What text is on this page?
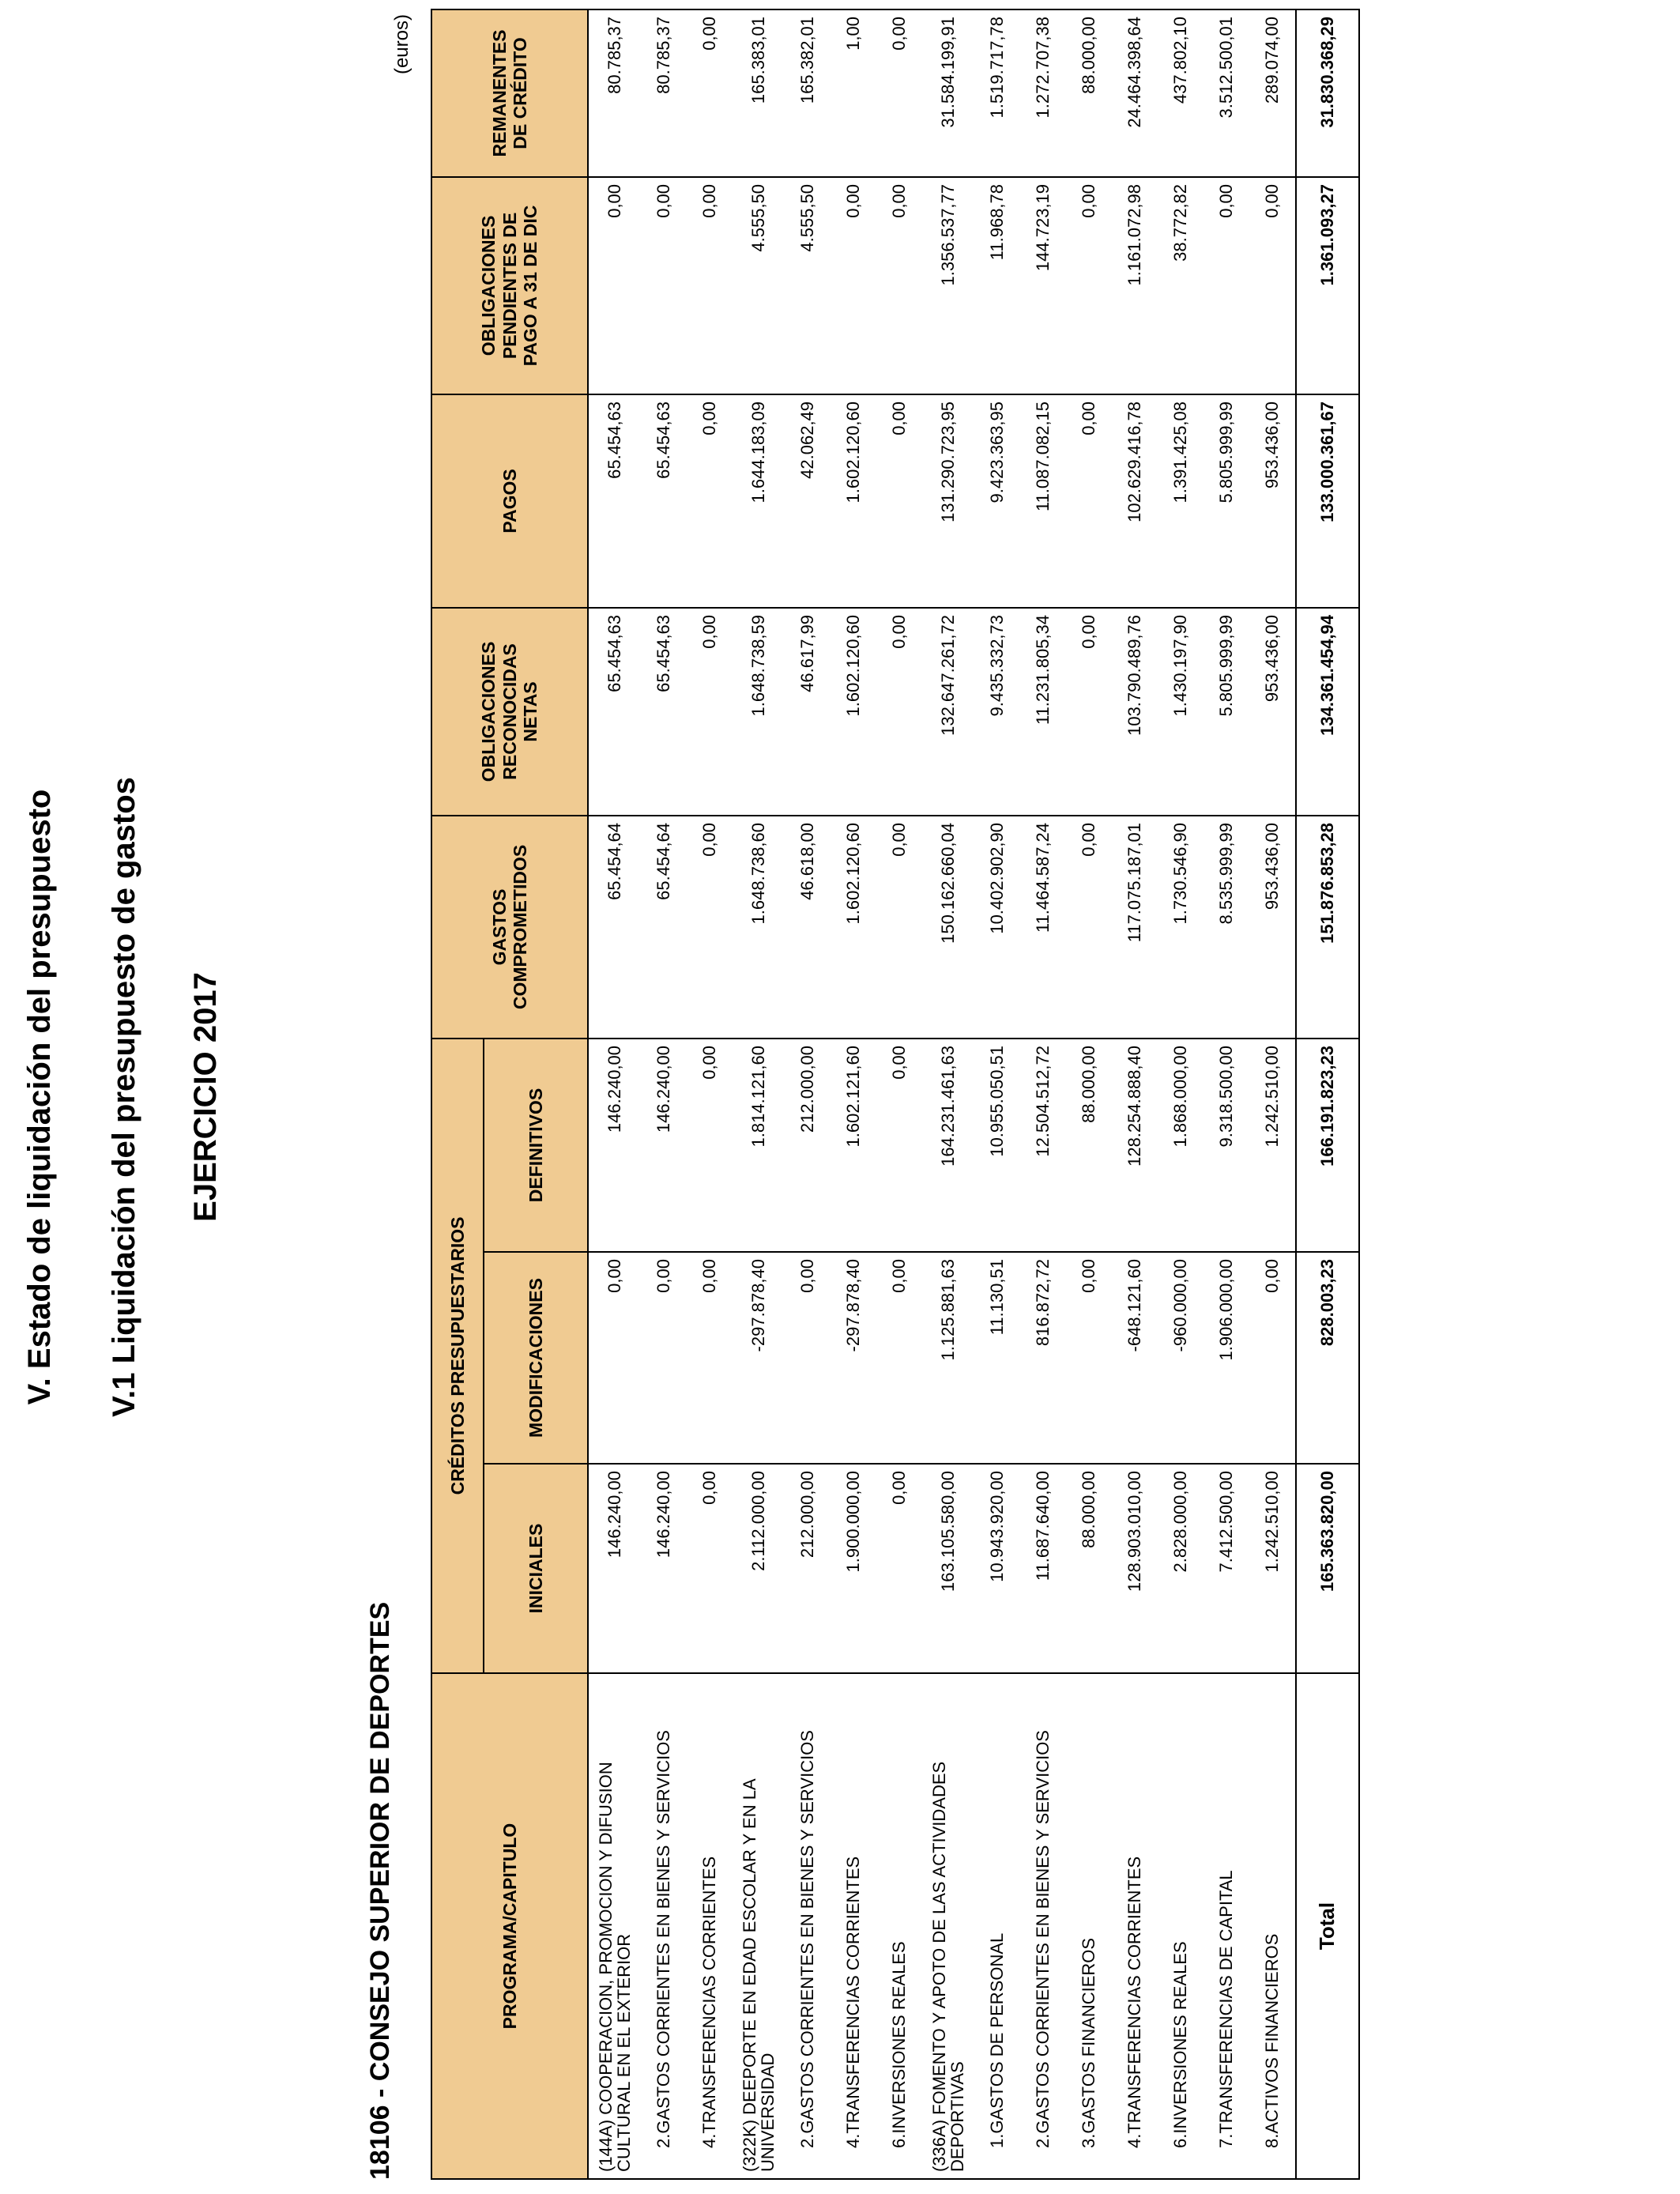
V. Estado de liquidación del presupuesto V.1 Liquidación del presupuesto de gastos EJERCICIO 2017
18106 - CONSEJO SUPERIOR DE DEPORTES
(euros)
PROGRAMA/CAPITULO	CRÉDITOS PRESUPUESTARIOS			GASTOS COMPROMETIDOS	OBLIGACIONES RECONOCIDAS NETAS	PAGOS	OBLIGACIONES PENDIENTES DE PAGO A 31 DE DIC	REMANENTES DE CRÉDITO
	INICIALES	MODIFICACIONES	DEFINITIVOS					
(144A) COOPERACION, PROMOCION Y DIFUSION CULTURAL EN EL EXTERIOR	146.240,00	0,00	146.240,00	65.454,64	65.454,63	65.454,63	0,00	80.785,37
2.GASTOS CORRIENTES EN BIENES Y SERVICIOS	146.240,00	0,00	146.240,00	65.454,64	65.454,63	65.454,63	0,00	80.785,37
4.TRANSFERENCIAS CORRIENTES	0,00	0,00	0,00	0,00	0,00	0,00	0,00	0,00
(322K) DEEPORTE EN EDAD ESCOLAR Y EN LA UNIVERSIDAD	2.112.000,00	-297.878,40	1.814.121,60	1.648.738,60	1.648.738,59	1.644.183,09	4.555,50	165.383,01
2.GASTOS CORRIENTES EN BIENES Y SERVICIOS	212.000,00	0,00	212.000,00	46.618,00	46.617,99	42.062,49	4.555,50	165.382,01
4.TRANSFERENCIAS CORRIENTES	1.900.000,00	-297.878,40	1.602.121,60	1.602.120,60	1.602.120,60	1.602.120,60	0,00	1,00
6.INVERSIONES REALES	0,00	0,00	0,00	0,00	0,00	0,00	0,00	0,00
(336A) FOMENTO Y APOTO DE LAS ACTIVIDADES DEPORTIVAS	163.105.580,00	1.125.881,63	164.231.461,63	150.162.660,04	132.647.261,72	131.290.723,95	1.356.537,77	31.584.199,91
1.GASTOS DE PERSONAL	10.943.920,00	11.130,51	10.955.050,51	10.402.902,90	9.435.332,73	9.423.363,95	11.968,78	1.519.717,78
2.GASTOS CORRIENTES EN BIENES Y SERVICIOS	11.687.640,00	816.872,72	12.504.512,72	11.464.587,24	11.231.805,34	11.087.082,15	144.723,19	1.272.707,38
3.GASTOS FINANCIEROS	88.000,00	0,00	88.000,00	0,00	0,00	0,00	0,00	88.000,00
4.TRANSFERENCIAS CORRIENTES	128.903.010,00	-648.121,60	128.254.888,40	117.075.187,01	103.790.489,76	102.629.416,78	1.161.072,98	24.464.398,64
6.INVERSIONES REALES	2.828.000,00	-960.000,00	1.868.000,00	1.730.546,90	1.430.197,90	1.391.425,08	38.772,82	437.802,10
7.TRANSFERENCIAS DE CAPITAL	7.412.500,00	1.906.000,00	9.318.500,00	8.535.999,99	5.805.999,99	5.805.999,99	0,00	3.512.500,01
8.ACTIVOS FINANCIEROS	1.242.510,00	0,00	1.242.510,00	953.436,00	953.436,00	953.436,00	0,00	289.074,00
Total	165.363.820,00	828.003,23	166.191.823,23	151.876.853,28	134.361.454,94	133.000.361,67	1.361.093,27	31.830.368,29
